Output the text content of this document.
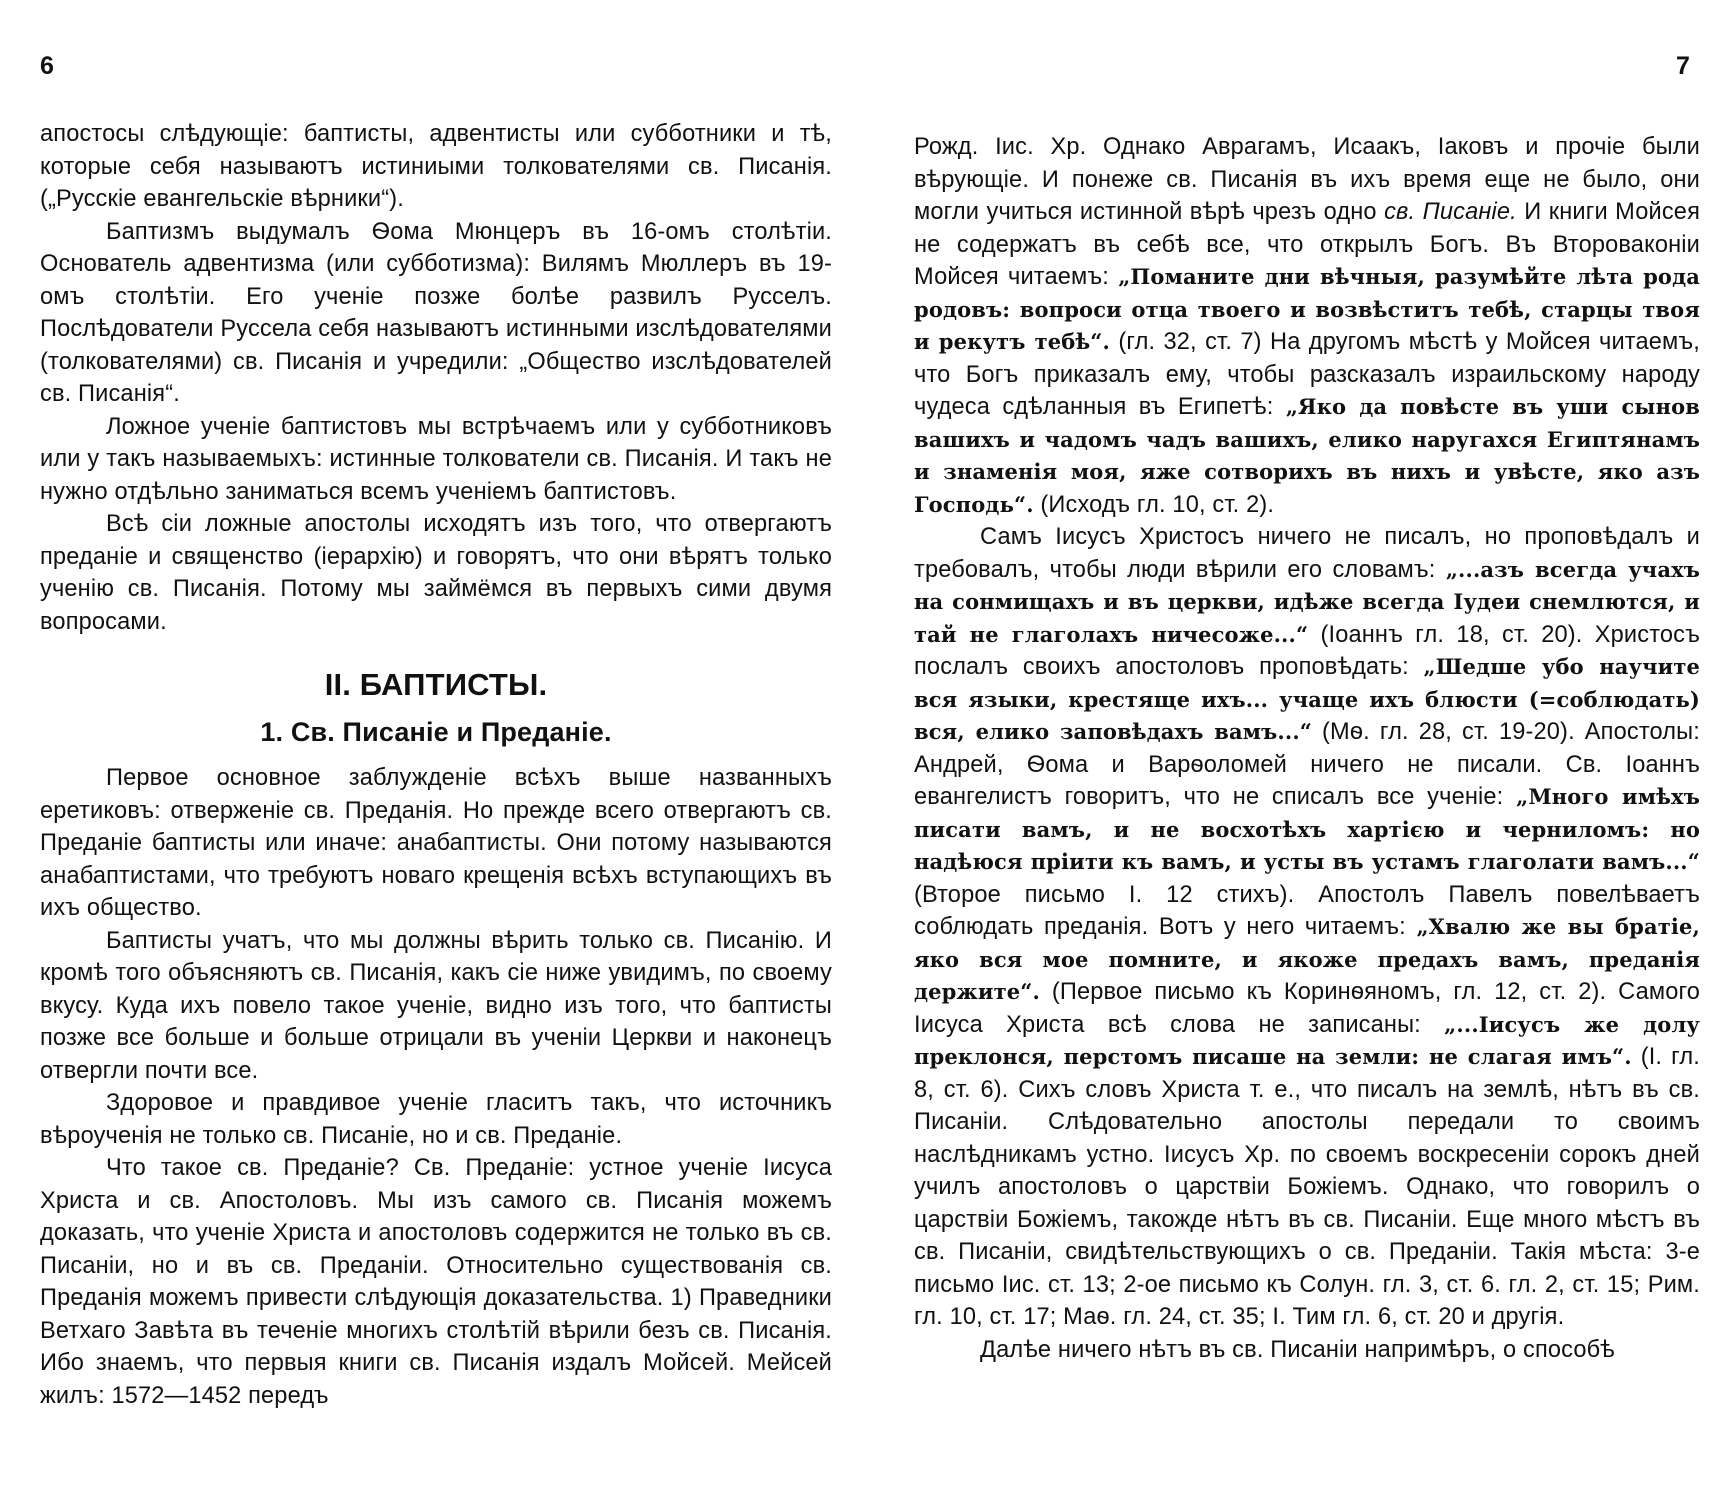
6

апостосы слѣдующіе: баптисты, адвентисты или субботники и тѣ, которые себя называютъ истиниыми толкователями св. Писанія. („Русскіе евангельскіе вѣрники“).

Баптизмъ выдумалъ Ѳома Мюнцеръ въ 16-омъ столѣтіи. Основатель адвентизма (или субботизма): Вилямъ Мюллеръ въ 19-омъ столѣтіи. Его ученіе позже болѣе развилъ Русселъ. Послѣдователи Руссела себя называютъ истинными изслѣдователями (толкователями) св. Писанія и учредили: „Общество изслѣдователей св. Писанія“.

Ложное ученіе баптистовъ мы встрѣчаемъ или у субботниковъ или у такъ называемыхъ: истинные толкователи св. Писанія. И такъ не нужно отдѣльно заниматься всемъ ученіемъ баптистовъ.

Всѣ сіи ложные апостолы исходятъ изъ того, что отвергаютъ преданіе и священство (іерархію) и говорятъ, что они вѣрятъ только ученію св. Писанія. Потому мы займёмся въ первыхъ сими двумя вопросами.

II. БАПТИСТЫ.
1. Св. Писаніе и Преданіе.

Первое основное заблужденіе всѣхъ выше названныхъ еретиковъ: отверженіе св. Преданія. Но прежде всего отвергаютъ св. Преданіе баптисты или иначе: анабаптисты. Они потому называются анабаптистами, что требуютъ новаго крещенія всѣхъ вступающихъ въ ихъ общество.

Баптисты учатъ, что мы должны вѣрить только св. Писанію. И кромѣ того объясняютъ св. Писанія, какъ сіе ниже увидимъ, по своему вкусу. Куда ихъ повело такое ученіе, видно изъ того, что баптисты позже все больше и больше отрицали въ ученіи Церкви и наконецъ отвергли почти все.

Здоровое и правдивое ученіе гласитъ такъ, что источникъ вѣроученія не только св. Писаніе, но и св. Преданіе.

Что такое св. Преданіе? Св. Преданіе: устное ученіе Іисуса Христа и св. Апостоловъ. Мы изъ самого св. Писанія можемъ доказать, что ученіе Христа и апостоловъ содержится не только въ св. Писаніи, но и въ св. Преданіи. Относительно существованія св. Преданія можемъ привести слѣдующія доказательства. 1) Праведники Ветхаго Завѣта въ теченіе многихъ столѣтій вѣрили безъ св. Писанія. Ибо знаемъ, что первыя книги св. Писанія издалъ Мойсей. Мейсей жилъ: 1572—1452 передъ

7

Рожд. Іис. Хр. Однако Аврагамъ, Исаакъ, Іаковъ и прочіе были вѣрующіе. И понеже св. Писанія въ ихъ время еще не было, они могли учиться истинной вѣрѣ чрезъ одно св. Писаніе. И книги Мойсея не содержатъ въ себѣ все, что открылъ Богъ. Въ Второваконіи Мойсея читаемъ: „Поманите дни вѣчныя, разумѣйте лѣта рода родовъ: вопроси отца твоего и возвѣститъ тебѣ, старцы твоя и рекутъ тебѣ“. (гл. 32, ст. 7) На другомъ мѣстѣ у Мойсея читаемъ, что Богъ приказалъ ему, чтобы разсказалъ израильскому народу чудеса сдѣланныя въ Египетѣ: „Яко да повѣсте въ уши сынов вашихъ и чадомъ чадъ вашихъ, елико наругахся Египтянамъ и знаменія моя, яже сотворихъ въ нихъ и увѣсте, яко азъ Господь“. (Исходъ гл. 10, ст. 2).

Самъ Іисусъ Христосъ ничего не писалъ, но проповѣдалъ и требовалъ, чтобы люди вѣрили его словамъ: „...азъ всегда учахъ на сонмищахъ и въ церкви, идѣже всегда Іудеи снемлются, и тай не глаголахъ ничесоже...“ (Іоаннъ гл. 18, ст. 20). Христосъ послалъ своихъ апостоловъ проповѣдать: „Шедше убо научите вся языки, крестяще ихъ... учаще ихъ блюсти (=соблюдать) вся, елико заповѣдахъ вамъ...“ (Мѳ. гл. 28, ст. 19-20). Апостолы: Андрей, Ѳома и Варѳоломей ничего не писали. Св. Іоаннъ евангелистъ говоритъ, что не списалъ все ученіе: „Много имѣхъ писати вамъ, и не восхотѣхъ хартією и черниломъ: но надѣюся пріити къ вамъ, и усты въ устамъ глаголати вамъ...“ (Второе письмо І. 12 стихъ). Апостолъ Павелъ повелѣваетъ соблюдать преданія. Вотъ у него читаемъ: „Хвалю же вы братіе, яко вся мое помните, и якоже предахъ вамъ, преданія держите“. (Первое письмо къ Коринѳяномъ, гл. 12, ст. 2). Самого Іисуса Христа всѣ слова не записаны: „...Іисусъ же долу преклонся, перстомъ писаше на земли: не слагая имъ“. (І. гл. 8, ст. 6). Сихъ словъ Христа т. е., что писалъ на землѣ, нѣтъ въ св. Писаніи. Слѣдовательно апостолы передали то своимъ наслѣдникамъ устно. Іисусъ Хр. по своемъ воскресеніи сорокъ дней училъ апостоловъ о царствіи Божіемъ. Однако, что говорилъ о царствіи Божіемъ, такожде нѣтъ въ св. Писаніи. Еще много мѣстъ въ св. Писаніи, свидѣтельствующихъ о св. Преданіи. Такія мѣста: 3-е письмо Іис. ст. 13; 2-ое письмо къ Солун. гл. 3, ст. 6. гл. 2, ст. 15; Рим. гл. 10, ст. 17; Маѳ. гл. 24, ст. 35; І. Тим гл. 6, ст. 20 и другія.

Далѣе ничего нѣтъ въ св. Писаніи напримѣръ, о способѣ
